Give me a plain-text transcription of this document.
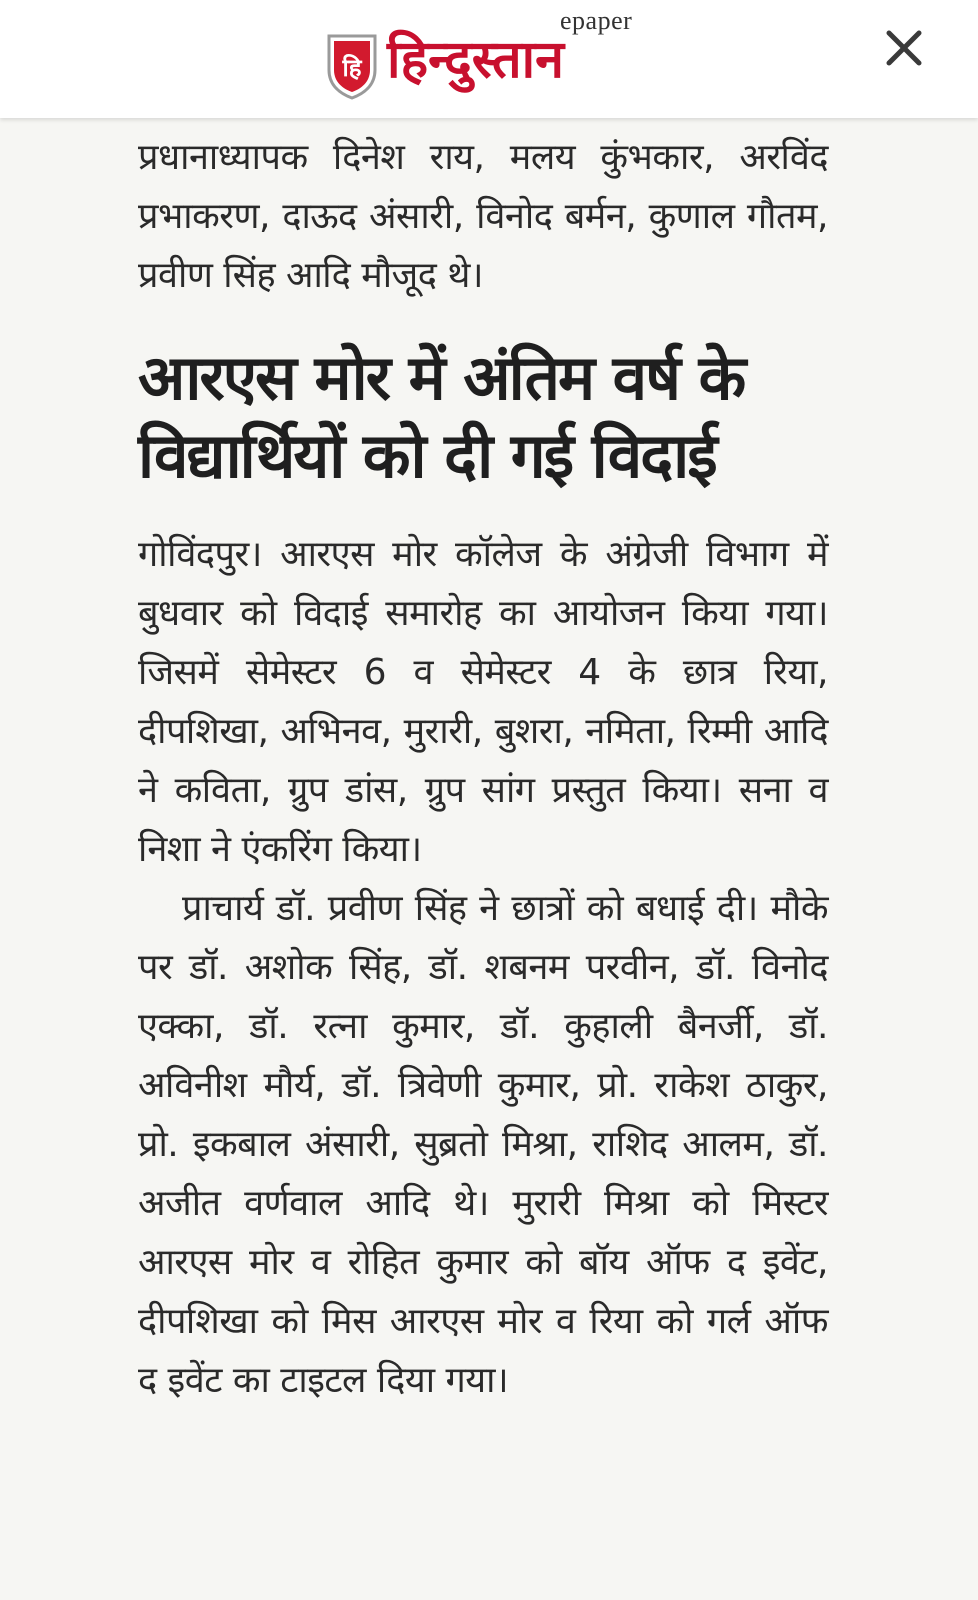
हि
epaper
हिन्दुस्तान

प्रधानाध्यापक दिनेश राय, मलय कुंभकार, अरविंद प्रभाकरण, दाऊद अंसारी, विनोद बर्मन, कुणाल गौतम, प्रवीण सिंह आदि मौजूद थे।

आरएस मोर में अंतिम वर्ष के विद्यार्थियों को दी गई विदाई

गोविंदपुर। आरएस मोर कॉलेज के अंग्रेजी विभाग में बुधवार को विदाई समारोह का आयोजन किया गया। जिसमें सेमेस्टर 6 व सेमेस्टर 4 के छात्र रिया, दीपशिखा, अभिनव, मुरारी, बुशरा, नमिता, रिम्मी आदि ने कविता, ग्रुप डांस, ग्रुप सांग प्रस्तुत किया। सना व निशा ने एंकरिंग किया।

प्राचार्य डॉ. प्रवीण सिंह ने छात्रों को बधाई दी। मौके पर डॉ. अशोक सिंह, डॉ. शबनम परवीन, डॉ. विनोद एक्का, डॉ. रत्ना कुमार, डॉ. कुहाली बैनर्जी, डॉ. अविनीश मौर्य, डॉ. त्रिवेणी कुमार, प्रो. राकेश ठाकुर, प्रो. इकबाल अंसारी, सुब्रतो मिश्रा, राशिद आलम, डॉ. अजीत वर्णवाल आदि थे। मुरारी मिश्रा को मिस्टर आरएस मोर व रोहित कुमार को बॉय ऑफ द इवेंट, दीपशिखा को मिस आरएस मोर व रिया को गर्ल ऑफ द इवेंट का टाइटल दिया गया।
